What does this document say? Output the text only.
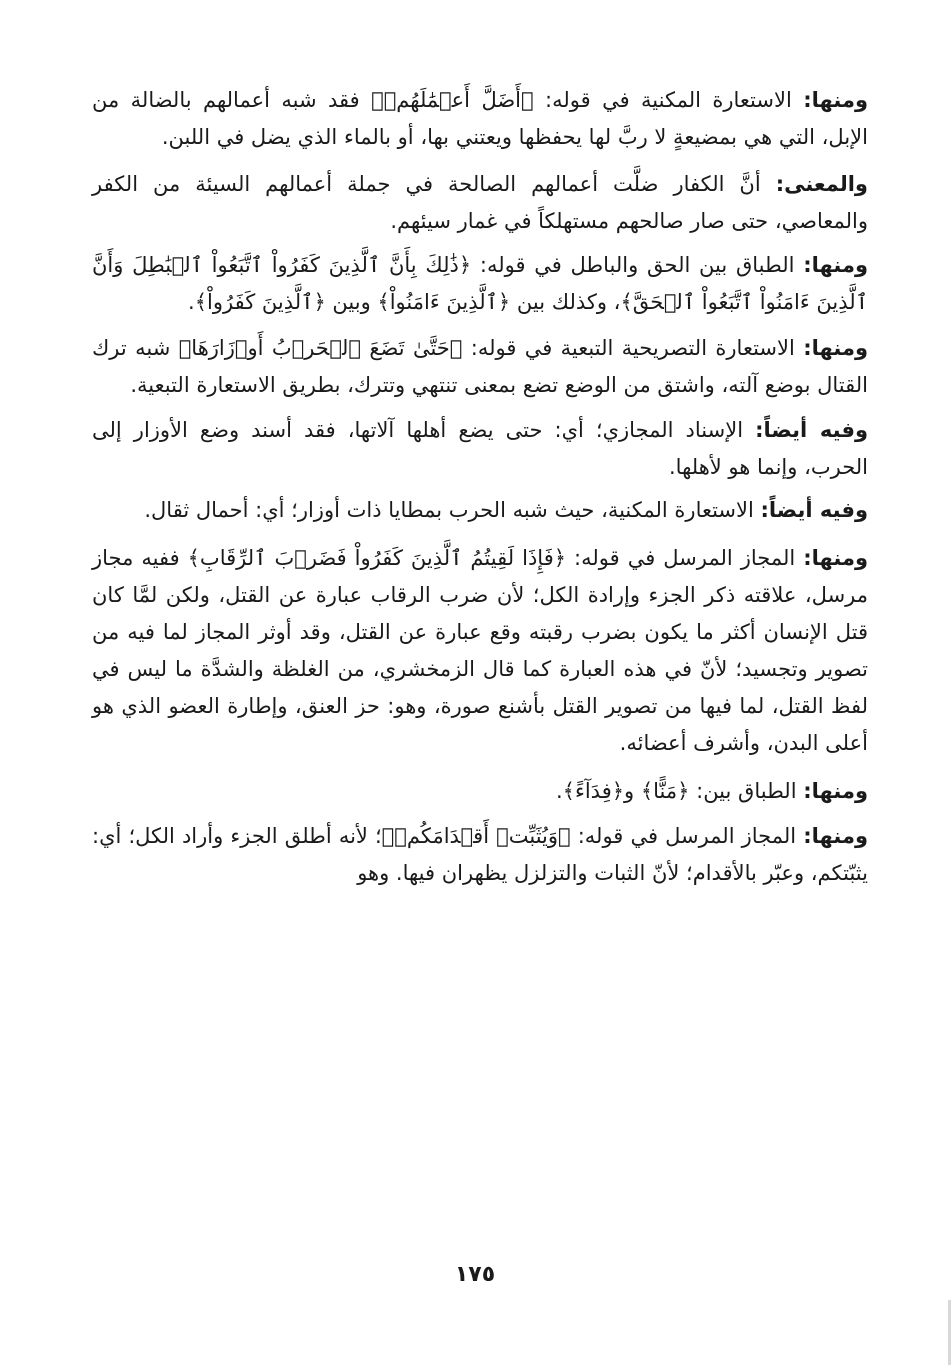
ومنها: الاستعارة المكنية في قوله: ﴿أَضَلَّ أَعۡمَٰلَهُمۡ﴾ فقد شبه أعمالهم بالضالة من الإبل، التي هي بمضيعةٍ لا ربَّ لها يحفظها ويعتني بها، أو بالماء الذي يضل في اللبن.

والمعنى: أنَّ الكفار ضلَّت أعمالهم الصالحة في جملة أعمالهم السيئة من الكفر والمعاصي، حتى صار صالحهم مستهلكاً في غمار سيئهم.

ومنها: الطباق بين الحق والباطل في قوله: ﴿ذَٰلِكَ بِأَنَّ ٱلَّذِينَ كَفَرُواْ ٱتَّبَعُواْ ٱلۡبَٰطِلَ وَأَنَّ ٱلَّذِينَ ءَامَنُواْ ٱتَّبَعُواْ ٱلۡحَقَّ﴾، وكذلك بين ﴿ٱلَّذِينَ ءَامَنُواْ﴾ وبين ﴿ٱلَّذِينَ كَفَرُواْ﴾.

ومنها: الاستعارة التصريحية التبعية في قوله: ﴿حَتَّىٰ تَضَعَ ٱلۡحَرۡبُ أَوۡزَارَهَا﴾ شبه ترك القتال بوضع آلته، واشتق من الوضع تضع بمعنى تنتهي وتترك، بطريق الاستعارة التبعية.

وفيه أيضاً: الإسناد المجازي؛ أي: حتى يضع أهلها آلاتها، فقد أسند وضع الأوزار إلى الحرب، وإنما هو لأهلها.

وفيه أيضاً: الاستعارة المكنية، حيث شبه الحرب بمطايا ذات أوزار؛ أي: أحمال ثقال.

ومنها: المجاز المرسل في قوله: ﴿فَإِذَا لَقِيتُمُ ٱلَّذِينَ كَفَرُواْ فَضَرۡبَ ٱلرِّقَابِ﴾ ففيه مجاز مرسل، علاقته ذكر الجزء وإرادة الكل؛ لأن ضرب الرقاب عبارة عن القتل، ولكن لمَّا كان قتل الإنسان أكثر ما يكون بضرب رقبته وقع عبارة عن القتل، وقد أوثر المجاز لما فيه من تصوير وتجسيد؛ لأنّ في هذه العبارة كما قال الزمخشري، من الغلظة والشدَّة ما ليس في لفظ القتل، لما فيها من تصوير القتل بأشنع صورة، وهو: حز العنق، وإطارة العضو الذي هو أعلى البدن، وأشرف أعضائه.

ومنها: الطباق بين: ﴿مَنًّا﴾ و﴿فِدَآءً﴾.

ومنها: المجاز المرسل في قوله: ﴿وَيُثَبِّتۡ أَقۡدَامَكُمۡ﴾؛ لأنه أطلق الجزء وأراد الكل؛ أي: يثبّتكم، وعبّر بالأقدام؛ لأنّ الثبات والتزلزل يظهران فيها. وهو

١٧٥
